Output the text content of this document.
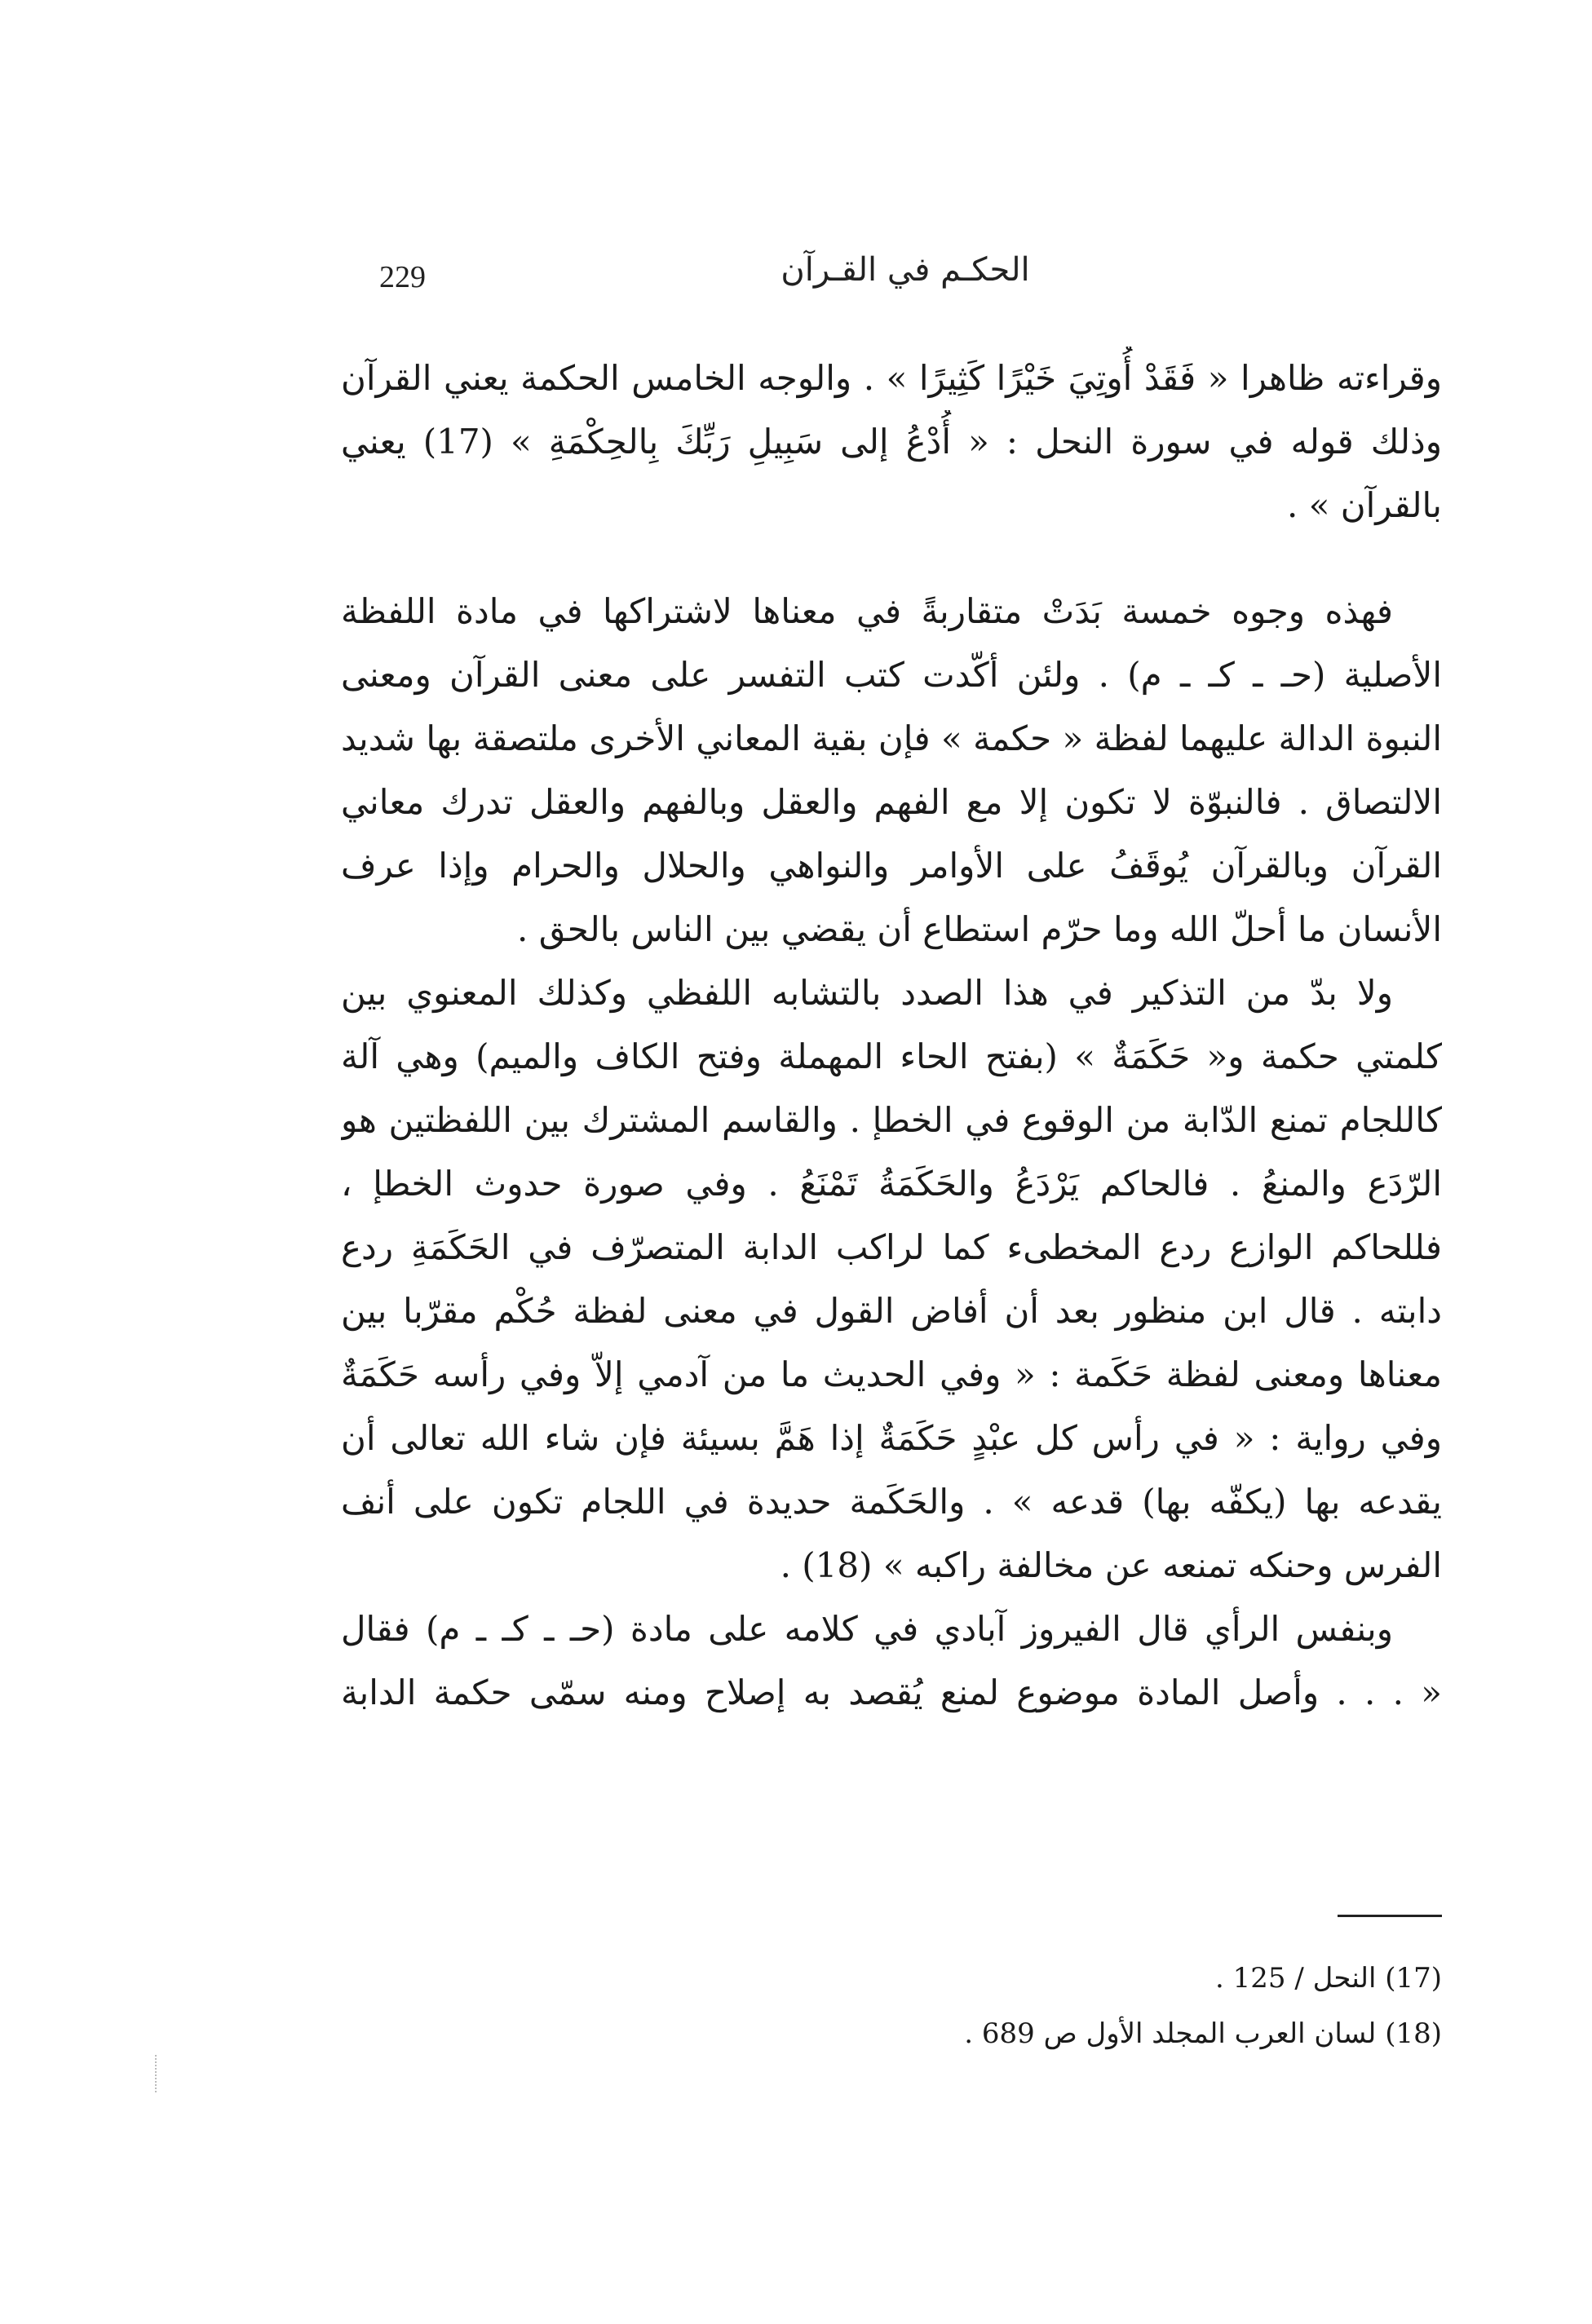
229	الحكـم في القـرآن

وقراءته ظاهرا « فَقَدْ أُوتِيَ خَيْرًا كَثِيرًا » . والوجه الخامس الحكمة يعني القرآن
وذلك قوله في سورة النحل : « أُدْعُ إلى سَبِيلِ رَبِّكَ بِالحِكْمَةِ » (17) يعني
بالقرآن » .

فهذه وجوه خمسة بَدَتْ متقاربةً في معناها لاشتراكها في مادة اللفظة
الأصلية (حـ ـ كـ ـ م) . ولئن أكّدت كتب التفسر على معنى القرآن ومعنى
النبوة الدالة عليهما لفظة « حكمة » فإن بقية المعاني الأخرى ملتصقة بها شديد
الالتصاق . فالنبوّة لا تكون إلا مع الفهم والعقل وبالفهم والعقل تدرك معاني
القرآن وبالقرآن يُوقَفُ على الأوامر والنواهي والحلال والحرام وإذا عرف
الأنسان ما أحلّ الله وما حرّم استطاع أن يقضي بين الناس بالحق .

ولا بدّ من التذكير في هذا الصدد بالتشابه اللفظي وكذلك المعنوي بين
كلمتي حكمة و« حَكَمَةٌ » (بفتح الحاء المهملة وفتح الكاف والميم) وهي آلة
كاللجام تمنع الدّابة من الوقوع في الخطإ . والقاسم المشترك بين اللفظتين هو
الرّدَع والمنعُ . فالحاكم يَرْدَعُ والحَكَمَةُ تَمْنَعُ . وفي صورة حدوث الخطإ ،
فللحاكم الوازع ردع المخطىء كما لراكب الدابة المتصرّف في الحَكَمَةِ ردع
دابته . قال ابن منظور بعد أن أفاض القول في معنى لفظة حُكْم مقرّبا بين
معناها ومعنى لفظة حَكَمة : « وفي الحديث ما من آدمي إلاّ وفي رأسه حَكَمَةٌ
وفي رواية : « في رأس كل عبْدٍ حَكَمَةٌ إذا هَمَّ بسيئة فإن شاء الله تعالى أن
يقدعه بها (يكفّه بها) قدعه » . والحَكَمة حديدة في اللجام تكون على أنف
الفرس وحنكه تمنعه عن مخالفة راكبه » (18) .

وبنفس الرأي قال الفيروز آبادي في كلامه على مادة (حـ ـ كـ ـ م) فقال
« . . . وأصل المادة موضوع لمنع يُقصد به إصلاح ومنه سمّى حكمة الدابة

(17) النحل / 125 .

(18) لسان العرب المجلد الأول ص 689 .
